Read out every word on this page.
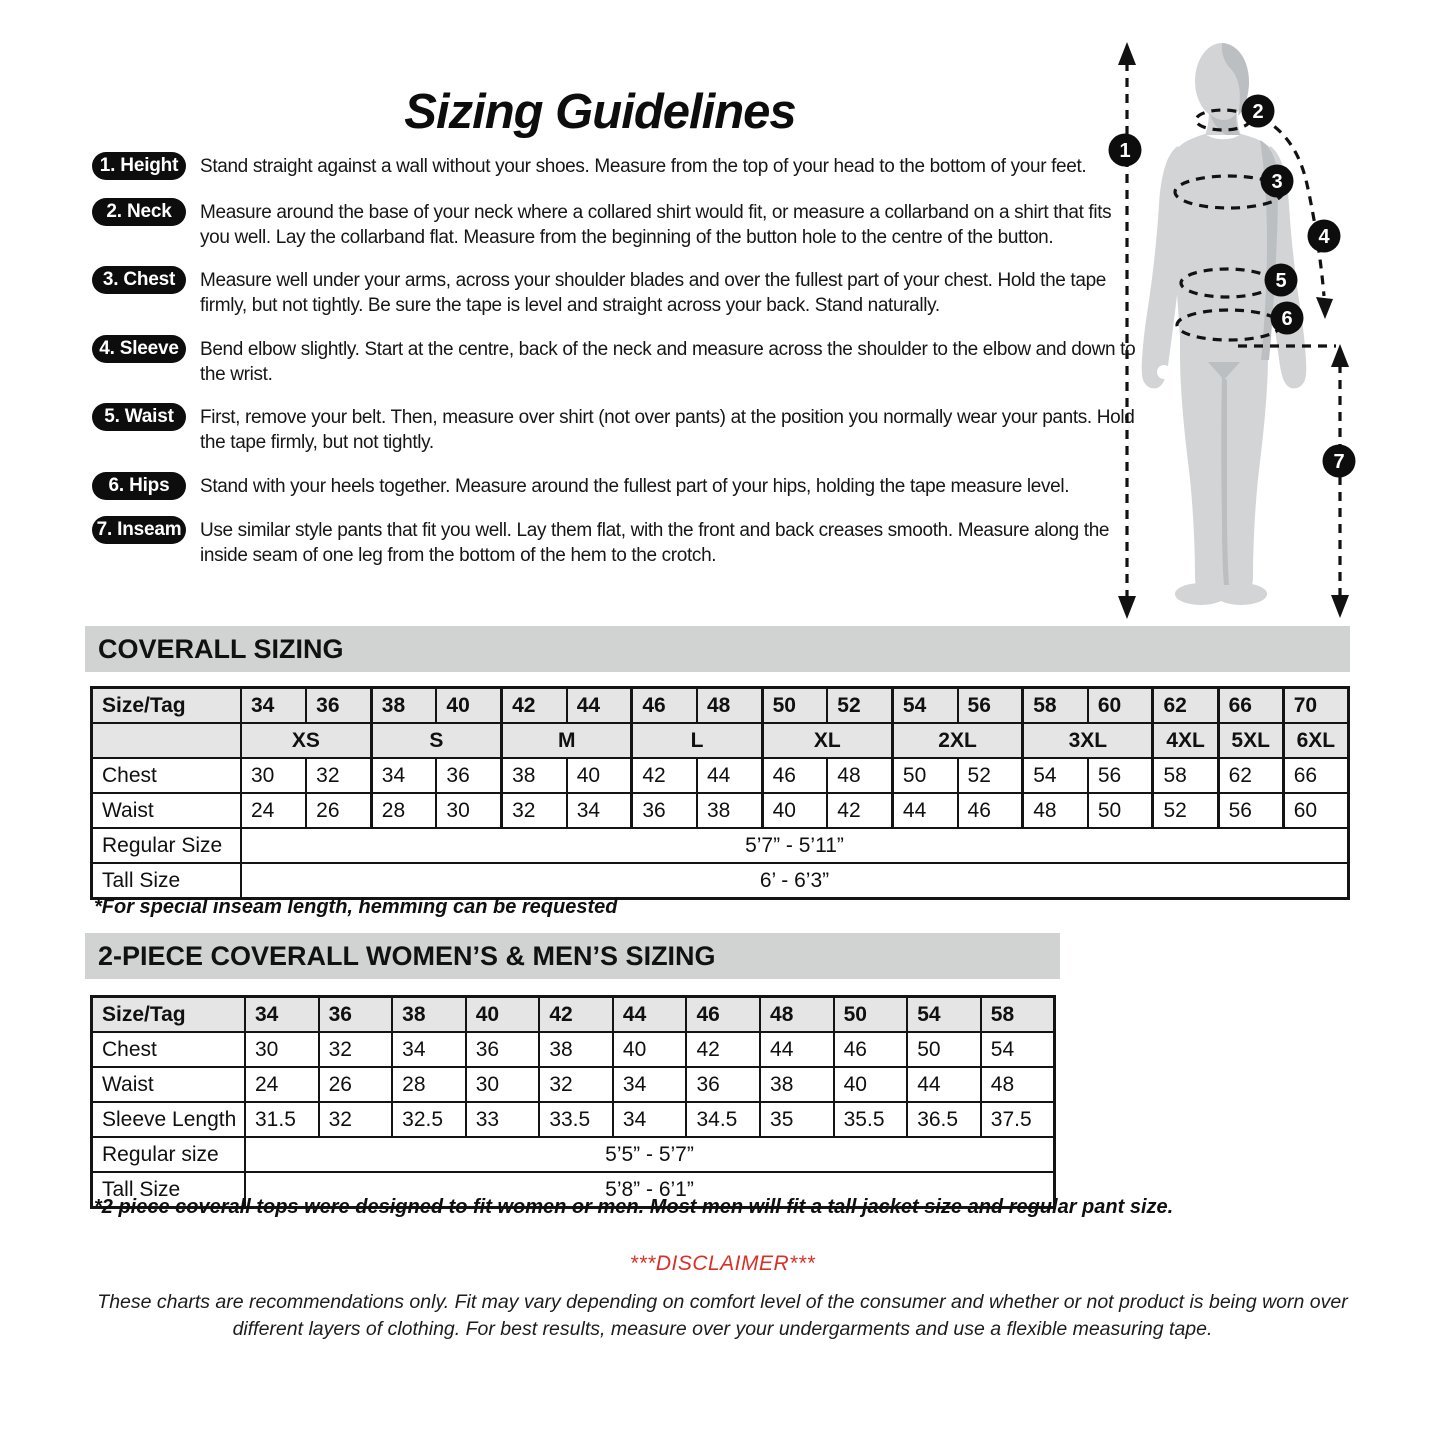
Sizing Guidelines
1. Height	Stand straight against a wall without your shoes. Measure from the top of your head to the bottom of your feet.
2. Neck	Measure around the base of your neck where a collared shirt would fit, or measure a collarband on a shirt that fits you well. Lay the collarband flat. Measure from the beginning of the button hole to the centre of the button.
3. Chest	Measure well under your arms, across your shoulder blades and over the fullest part of your chest. Hold the tape firmly, but not tightly. Be sure the tape is level and straight across your back. Stand naturally.
4. Sleeve	Bend elbow slightly. Start at the centre, back of the neck and measure across the shoulder to the elbow and down to the wrist.
5. Waist	First, remove your belt. Then, measure over shirt (not over pants) at the position you normally wear your pants. Hold the tape firmly, but not tightly.
6. Hips	Stand with your heels together. Measure around the fullest part of your hips, holding the tape measure level.
7. Inseam Use similar style pants that fit you well. Lay them flat, with the front and back creases smooth. Measure along the inside seam of one leg from the bottom of the hem to the crotch.
1
2
3
4
5
6
7
COVERALL SIZING
Size/Tag	34	36	38	40	42	44	46	48	50	52	54	56	58	60	62	66	70
	XS		S		M		L		XL		2XL		3XL		4XL	5XL	6XL
Chest	30	32	34	36	38	40	42	44	46	48	50	52	54	56	58	62	66
Waist	24	26	28	30	32	34	36	38	40	42	44	46	48	50	52	56	60
Regular Size	5’7” - 5’11”																
Tall Size	6’ - 6’3”																
*For special inseam length, hemming can be requested
2-PIECE COVERALL WOMEN’S & MEN’S SIZING
Size/Tag	34	36	38	40	42	44	46	48	50	54	58
Chest	30	32	34	36	38	40	42	44	46	50	54
Waist	24	26	28	30	32	34	36	38	40	44	48
Sleeve Length	31.5	32	32.5	33	33.5	34	34.5	35	35.5	36.5	37.5
Regular size	5’5” - 5’7”										
Tall Size	5’8” - 6’1”										
*2 piece coverall tops were designed to fit women or men. Most men will fit a tall jacket size and regular pant size.
***DISCLAIMER***
These charts are recommendations only. Fit may vary depending on comfort level of the consumer and whether or not product is being worn over different layers of clothing. For best results, measure over your undergarments and use a flexible measuring tape.
